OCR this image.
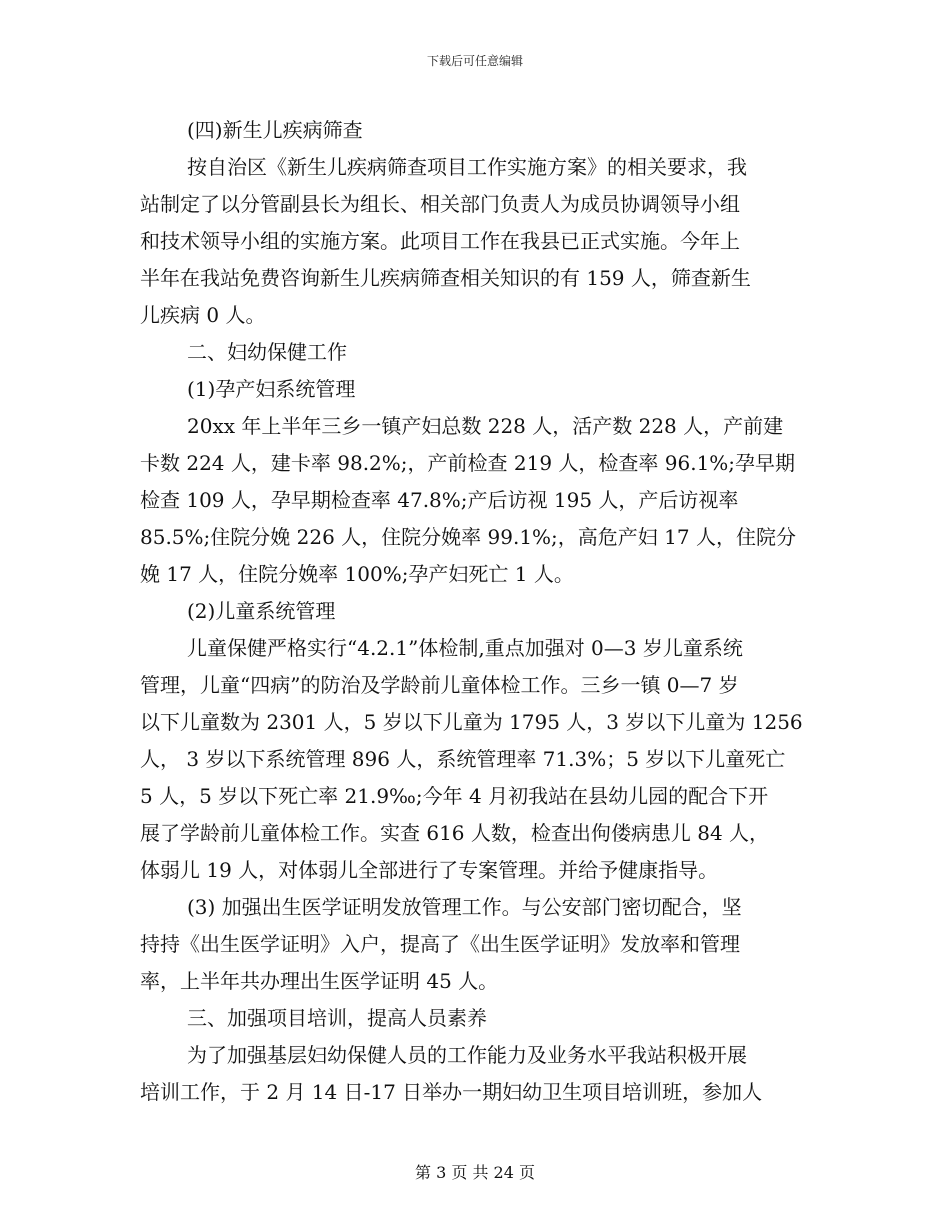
下载后可任意编辑
(四)新生儿疾病筛查
按自治区《新生儿疾病筛查项目工作实施方案》的相关要求，我
站制定了以分管副县长为组长、相关部门负责人为成员协调领导小组
和技术领导小组的实施方案。此项目工作在我县已正式实施。今年上
半年在我站免费咨询新生儿疾病筛查相关知识的有 159 人，筛查新生
儿疾病 0 人。
二、妇幼保健工作
(1)孕产妇系统管理
20xx 年上半年三乡一镇产妇总数 228 人，活产数 228 人，产前建
卡数 224 人，建卡率 98.2%;，产前检查 219 人，检查率 96.1%;孕早期
检查 109 人，孕早期检查率 47.8%;产后访视 195 人，产后访视率
85.5%;住院分娩 226 人，住院分娩率 99.1%;，高危产妇 17 人，住院分
娩 17 人，住院分娩率 100%;孕产妇死亡 1 人。
(2)儿童系统管理
儿童保健严格实行“4.2.1”体检制,重点加强对 0—3 岁儿童系统
管理，儿童“四病”的防治及学龄前儿童体检工作。三乡一镇 0—7 岁
以下儿童数为 2301 人，5 岁以下儿童为 1795 人，3 岁以下儿童为 1256
人， 3 岁以下系统管理 896 人，系统管理率 71.3%；5 岁以下儿童死亡
5 人，5 岁以下死亡率 21.9‰;今年 4 月初我站在县幼儿园的配合下开
展了学龄前儿童体检工作。实查 616 人数，检查出佝偻病患儿 84 人，
体弱儿 19 人，对体弱儿全部进行了专案管理。并给予健康指导。
(3) 加强出生医学证明发放管理工作。与公安部门密切配合，坚
持持《出生医学证明》入户，提高了《出生医学证明》发放率和管理
率，上半年共办理出生医学证明 45 人。
三、加强项目培训，提高人员素养
为了加强基层妇幼保健人员的工作能力及业务水平我站积极开展
培训工作，于 2 月 14 日-17 日举办一期妇幼卫生项目培训班，参加人
第 3 页 共 24 页
